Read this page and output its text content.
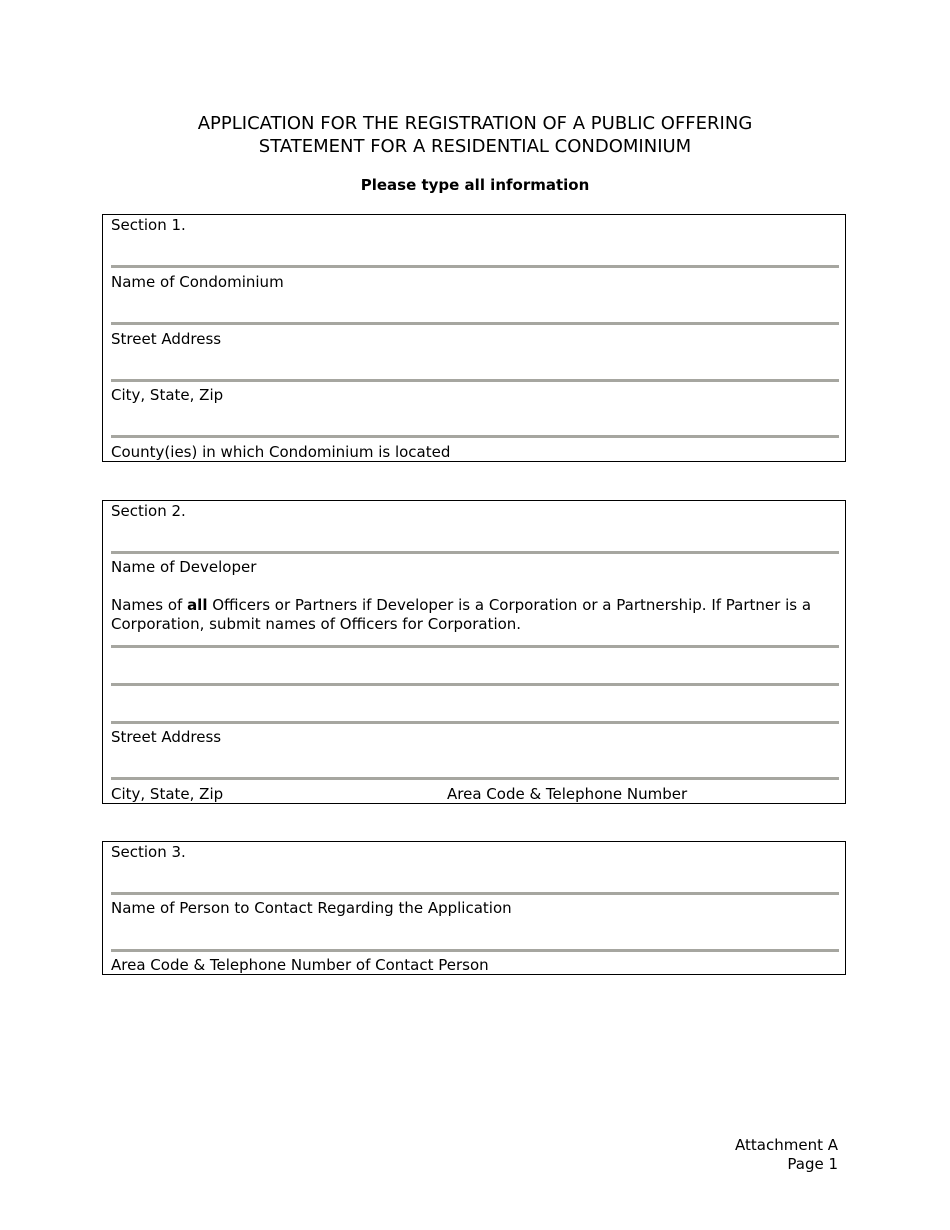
APPLICATION FOR THE REGISTRATION OF A PUBLIC OFFERING
STATEMENT FOR A RESIDENTIAL CONDOMINIUM
Please type all information
Section 1.
Name of Condominium
Street Address
City, State, Zip
County(ies) in which Condominium is located
Section 2.
Name of Developer
Names of all Officers or Partners if Developer is a Corporation or a Partnership. If Partner is a Corporation, submit names of Officers for Corporation.
Street Address
City, State, Zip	Area Code & Telephone Number
Section 3.
Name of Person to Contact Regarding the Application
Area Code & Telephone Number of Contact Person
Attachment A
Page 1
